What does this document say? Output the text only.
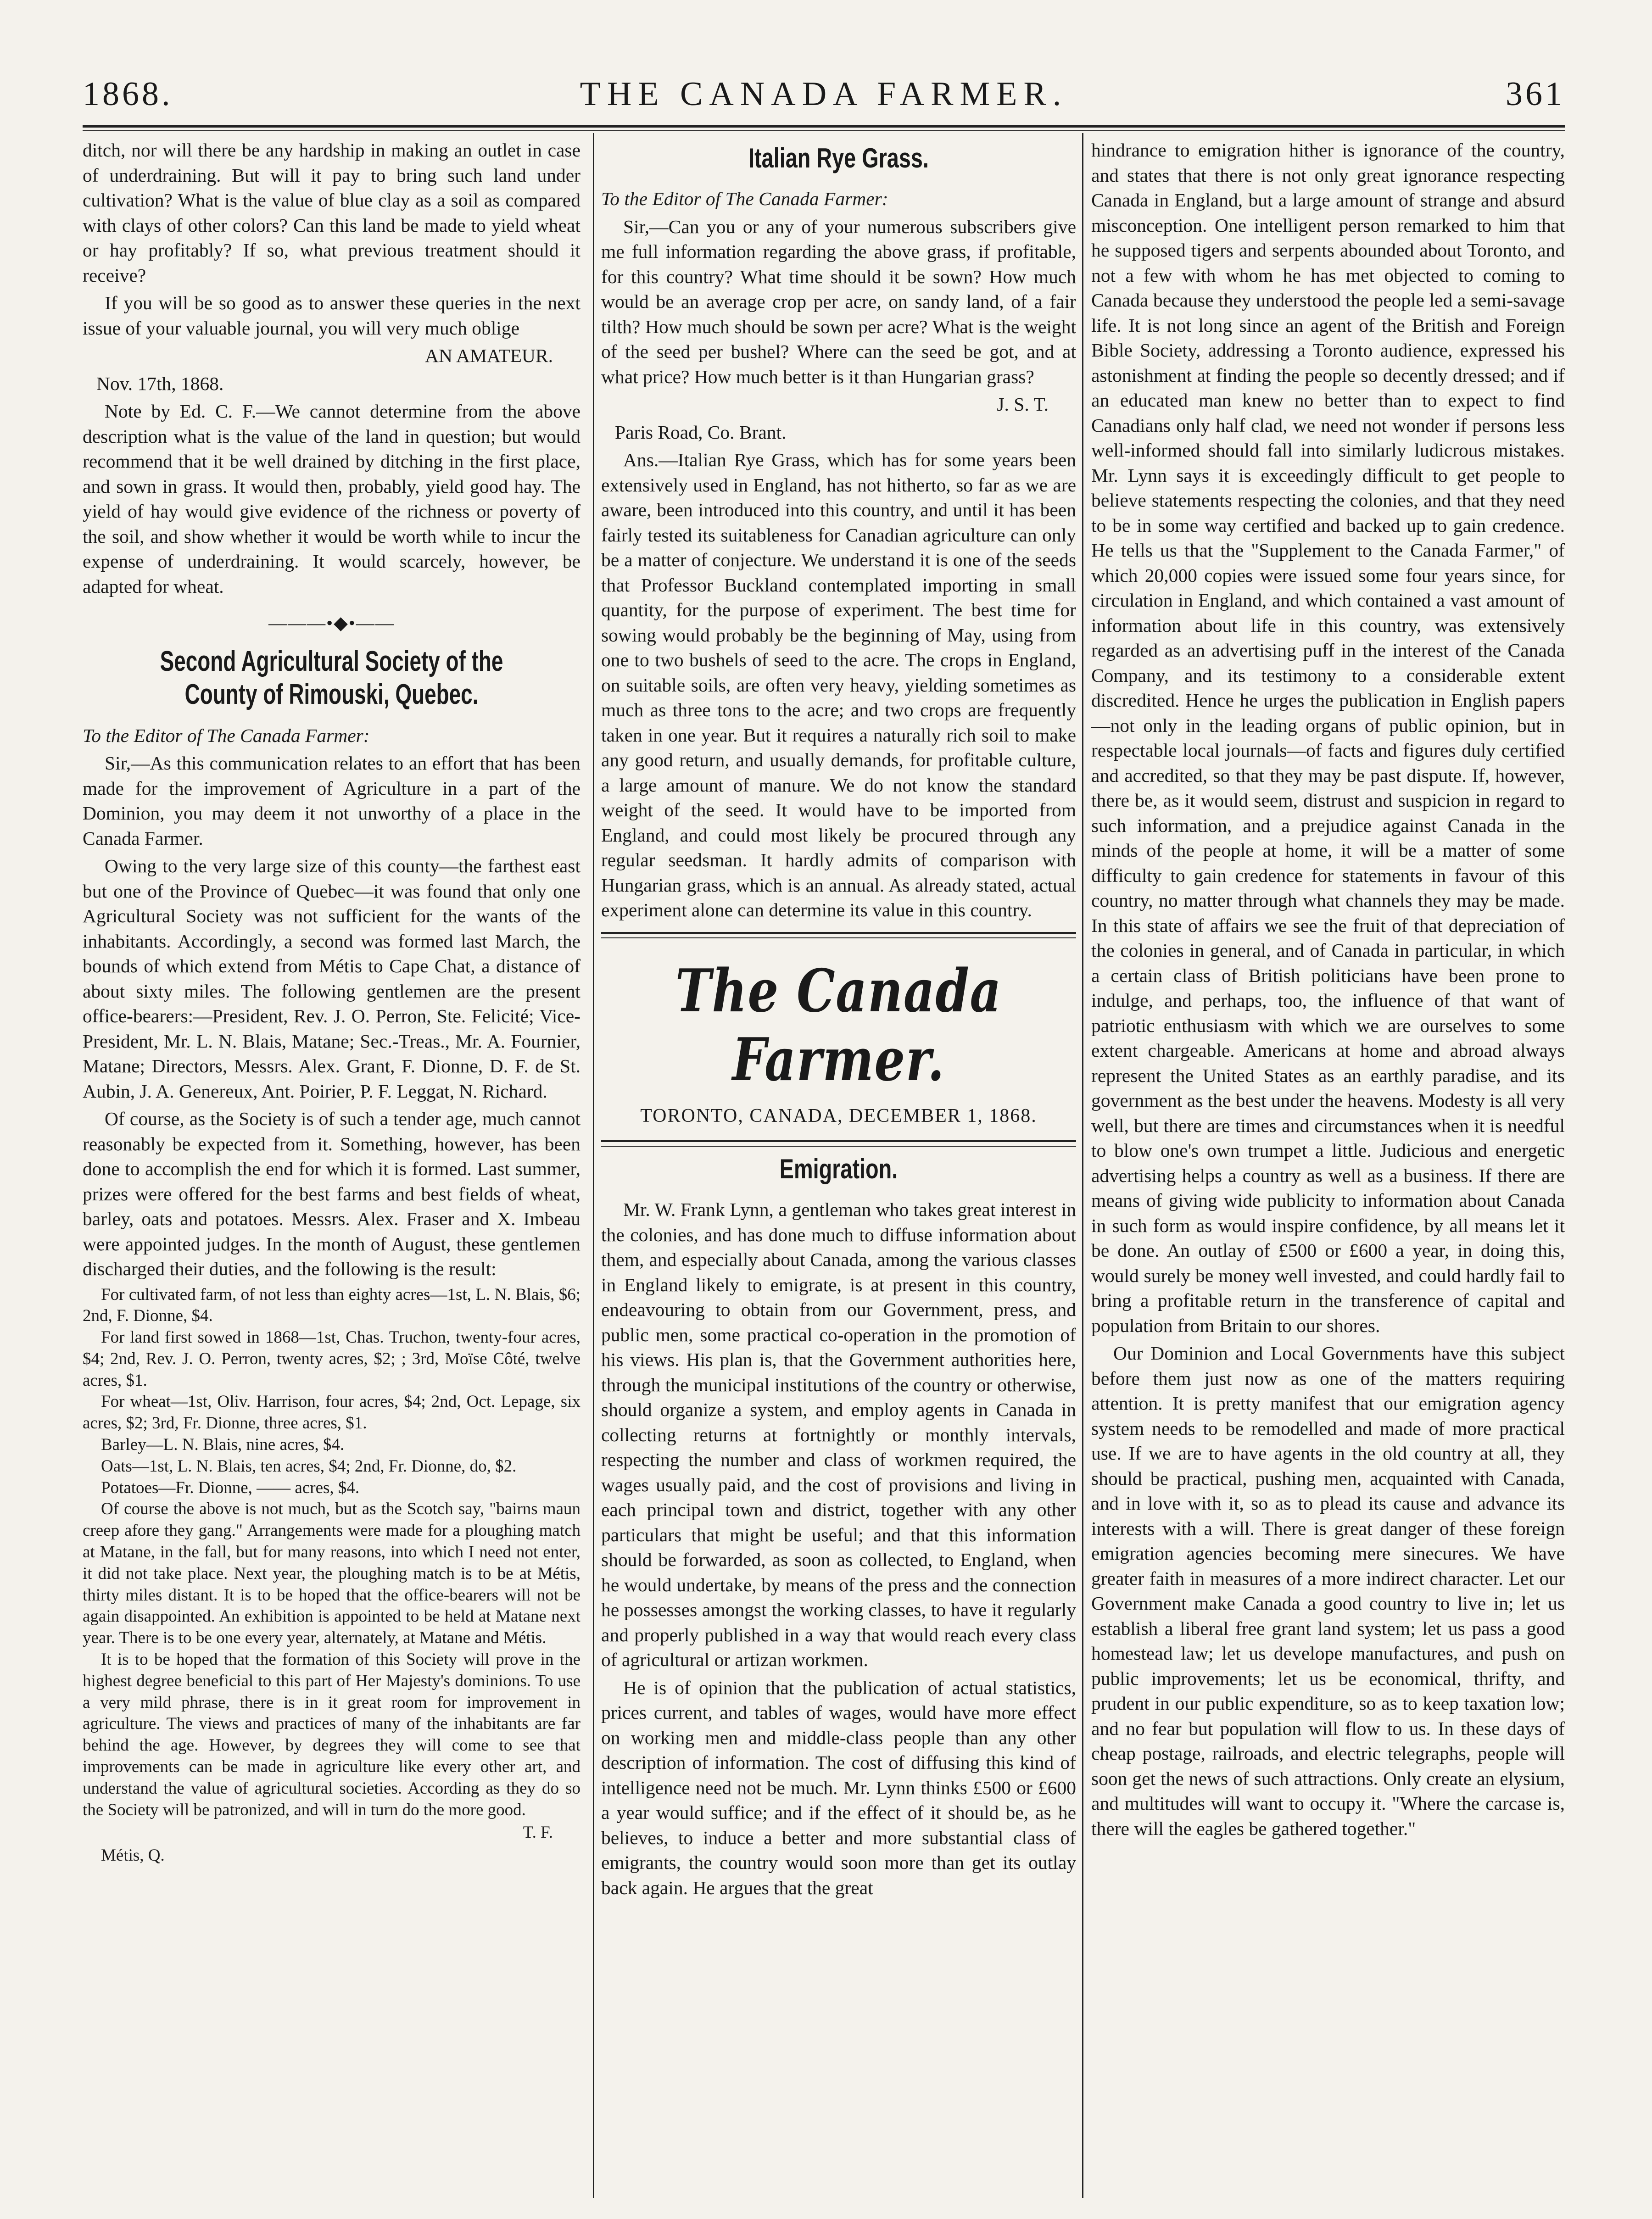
1868.	THE CANADA FARMER.	361

ditch, nor will there be any hardship in making an outlet in case of underdraining. But will it pay to bring such land under cultivation? What is the value of blue clay as a soil as compared with clays of other colors? Can this land be made to yield wheat or hay profitably? If so, what previous treatment should it receive?

If you will be so good as to answer these queries in the next issue of your valuable journal, you will very much oblige

AN AMATEUR.

Nov. 17th, 1868.

Note by Ed. C. F.—We cannot determine from the above description what is the value of the land in question; but would recommend that it be well drained by ditching in the first place, and sown in grass. It would then, probably, yield good hay. The yield of hay would give evidence of the richness or poverty of the soil, and show whether it would be worth while to incur the expense of underdraining. It would scarcely, however, be adapted for wheat.

———•◆•——
Second Agricultural Society of the County of Rimouski, Quebec.

To the Editor of The Canada Farmer:

Sir,—As this communication relates to an effort that has been made for the improvement of Agriculture in a part of the Dominion, you may deem it not unworthy of a place in the Canada Farmer.

Owing to the very large size of this county—the farthest east but one of the Province of Quebec—it was found that only one Agricultural Society was not sufficient for the wants of the inhabitants. Accordingly, a second was formed last March, the bounds of which extend from Métis to Cape Chat, a distance of about sixty miles. The following gentlemen are the present office-bearers:—President, Rev. J. O. Perron, Ste. Felicité; Vice-President, Mr. L. N. Blais, Matane; Sec.-Treas., Mr. A. Fournier, Matane; Directors, Messrs. Alex. Grant, F. Dionne, D. F. de St. Aubin, J. A. Genereux, Ant. Poirier, P. F. Leggat, N. Richard.

Of course, as the Society is of such a tender age, much cannot reasonably be expected from it. Something, however, has been done to accomplish the end for which it is formed. Last summer, prizes were offered for the best farms and best fields of wheat, barley, oats and potatoes. Messrs. Alex. Fraser and X. Imbeau were appointed judges. In the month of August, these gentlemen discharged their duties, and the following is the result:

For cultivated farm, of not less than eighty acres—1st, L. N. Blais, $6; 2nd, F. Dionne, $4.

For land first sowed in 1868—1st, Chas. Truchon, twenty-four acres, $4; 2nd, Rev. J. O. Perron, twenty acres, $2; ; 3rd, Moïse Côté, twelve acres, $1.

For wheat—1st, Oliv. Harrison, four acres, $4; 2nd, Oct. Lepage, six acres, $2; 3rd, Fr. Dionne, three acres, $1.

Barley—L. N. Blais, nine acres, $4.

Oats—1st, L. N. Blais, ten acres, $4; 2nd, Fr. Dionne, do, $2.

Potatoes—Fr. Dionne, —— acres, $4.

Of course the above is not much, but as the Scotch say, "bairns maun creep afore they gang." Arrangements were made for a ploughing match at Matane, in the fall, but for many reasons, into which I need not enter, it did not take place. Next year, the ploughing match is to be at Métis, thirty miles distant. It is to be hoped that the office-bearers will not be again disappointed. An exhibition is appointed to be held at Matane next year. There is to be one every year, alternately, at Matane and Métis.

It is to be hoped that the formation of this Society will prove in the highest degree beneficial to this part of Her Majesty's dominions. To use a very mild phrase, there is in it great room for improvement in agriculture. The views and practices of many of the inhabitants are far behind the age. However, by degrees they will come to see that improvements can be made in agriculture like every other art, and understand the value of agricultural societies. According as they do so the Society will be patronized, and will in turn do the more good.

T. F.

Métis, Q.

Italian Rye Grass.

To the Editor of The Canada Farmer:

Sir,—Can you or any of your numerous subscribers give me full information regarding the above grass, if profitable, for this country? What time should it be sown? How much would be an average crop per acre, on sandy land, of a fair tilth? How much should be sown per acre? What is the weight of the seed per bushel? Where can the seed be got, and at what price? How much better is it than Hungarian grass?

J. S. T.

Paris Road, Co. Brant.

Ans.—Italian Rye Grass, which has for some years been extensively used in England, has not hitherto, so far as we are aware, been introduced into this country, and until it has been fairly tested its suitableness for Canadian agriculture can only be a matter of conjecture. We understand it is one of the seeds that Professor Buckland contemplated importing in small quantity, for the purpose of experiment. The best time for sowing would probably be the beginning of May, using from one to two bushels of seed to the acre. The crops in England, on suitable soils, are often very heavy, yielding sometimes as much as three tons to the acre; and two crops are frequently taken in one year. But it requires a naturally rich soil to make any good return, and usually demands, for profitable culture, a large amount of manure. We do not know the standard weight of the seed. It would have to be imported from England, and could most likely be procured through any regular seedsman. It hardly admits of comparison with Hungarian grass, which is an annual. As already stated, actual experiment alone can determine its value in this country.

The Canada Farmer.
TORONTO, CANADA, DECEMBER 1, 1868.
Emigration.

Mr. W. Frank Lynn, a gentleman who takes great interest in the colonies, and has done much to diffuse information about them, and especially about Canada, among the various classes in England likely to emigrate, is at present in this country, endeavouring to obtain from our Government, press, and public men, some practical co-operation in the promotion of his views. His plan is, that the Government authorities here, through the municipal institutions of the country or otherwise, should organize a system, and employ agents in Canada in collecting returns at fortnightly or monthly intervals, respecting the number and class of workmen required, the wages usually paid, and the cost of provisions and living in each principal town and district, together with any other particulars that might be useful; and that this information should be forwarded, as soon as collected, to England, when he would undertake, by means of the press and the connection he possesses amongst the working classes, to have it regularly and properly published in a way that would reach every class of agricultural or artizan workmen.

He is of opinion that the publication of actual statistics, prices current, and tables of wages, would have more effect on working men and middle-class people than any other description of information. The cost of diffusing this kind of intelligence need not be much. Mr. Lynn thinks £500 or £600 a year would suffice; and if the effect of it should be, as he believes, to induce a better and more substantial class of emigrants, the country would soon more than get its outlay back again. He argues that the great

hindrance to emigration hither is ignorance of the country, and states that there is not only great ignorance respecting Canada in England, but a large amount of strange and absurd misconception. One intelligent person remarked to him that he supposed tigers and serpents abounded about Toronto, and not a few with whom he has met objected to coming to Canada because they understood the people led a semi-savage life. It is not long since an agent of the British and Foreign Bible Society, addressing a Toronto audience, expressed his astonishment at finding the people so decently dressed; and if an educated man knew no better than to expect to find Canadians only half clad, we need not wonder if persons less well-informed should fall into similarly ludicrous mistakes. Mr. Lynn says it is exceedingly difficult to get people to believe statements respecting the colonies, and that they need to be in some way certified and backed up to gain credence. He tells us that the "Supplement to the Canada Farmer," of which 20,000 copies were issued some four years since, for circulation in England, and which contained a vast amount of information about life in this country, was extensively regarded as an advertising puff in the interest of the Canada Company, and its testimony to a considerable extent discredited. Hence he urges the publication in English papers—not only in the leading organs of public opinion, but in respectable local journals—of facts and figures duly certified and accredited, so that they may be past dispute. If, however, there be, as it would seem, distrust and suspicion in regard to such information, and a prejudice against Canada in the minds of the people at home, it will be a matter of some difficulty to gain credence for statements in favour of this country, no matter through what channels they may be made. In this state of affairs we see the fruit of that depreciation of the colonies in general, and of Canada in particular, in which a certain class of British politicians have been prone to indulge, and perhaps, too, the influence of that want of patriotic enthusiasm with which we are ourselves to some extent chargeable. Americans at home and abroad always represent the United States as an earthly paradise, and its government as the best under the heavens. Modesty is all very well, but there are times and circumstances when it is needful to blow one's own trumpet a little. Judicious and energetic advertising helps a country as well as a business. If there are means of giving wide publicity to information about Canada in such form as would inspire confidence, by all means let it be done. An outlay of £500 or £600 a year, in doing this, would surely be money well invested, and could hardly fail to bring a profitable return in the transference of capital and population from Britain to our shores.

Our Dominion and Local Governments have this subject before them just now as one of the matters requiring attention. It is pretty manifest that our emigration agency system needs to be remodelled and made of more practical use. If we are to have agents in the old country at all, they should be practical, pushing men, acquainted with Canada, and in love with it, so as to plead its cause and advance its interests with a will. There is great danger of these foreign emigration agencies becoming mere sinecures. We have greater faith in measures of a more indirect character. Let our Government make Canada a good country to live in; let us establish a liberal free grant land system; let us pass a good homestead law; let us develope manufactures, and push on public improvements; let us be economical, thrifty, and prudent in our public expenditure, so as to keep taxation low; and no fear but population will flow to us. In these days of cheap postage, railroads, and electric telegraphs, people will soon get the news of such attractions. Only create an elysium, and multitudes will want to occupy it. "Where the carcase is, there will the eagles be gathered together."
